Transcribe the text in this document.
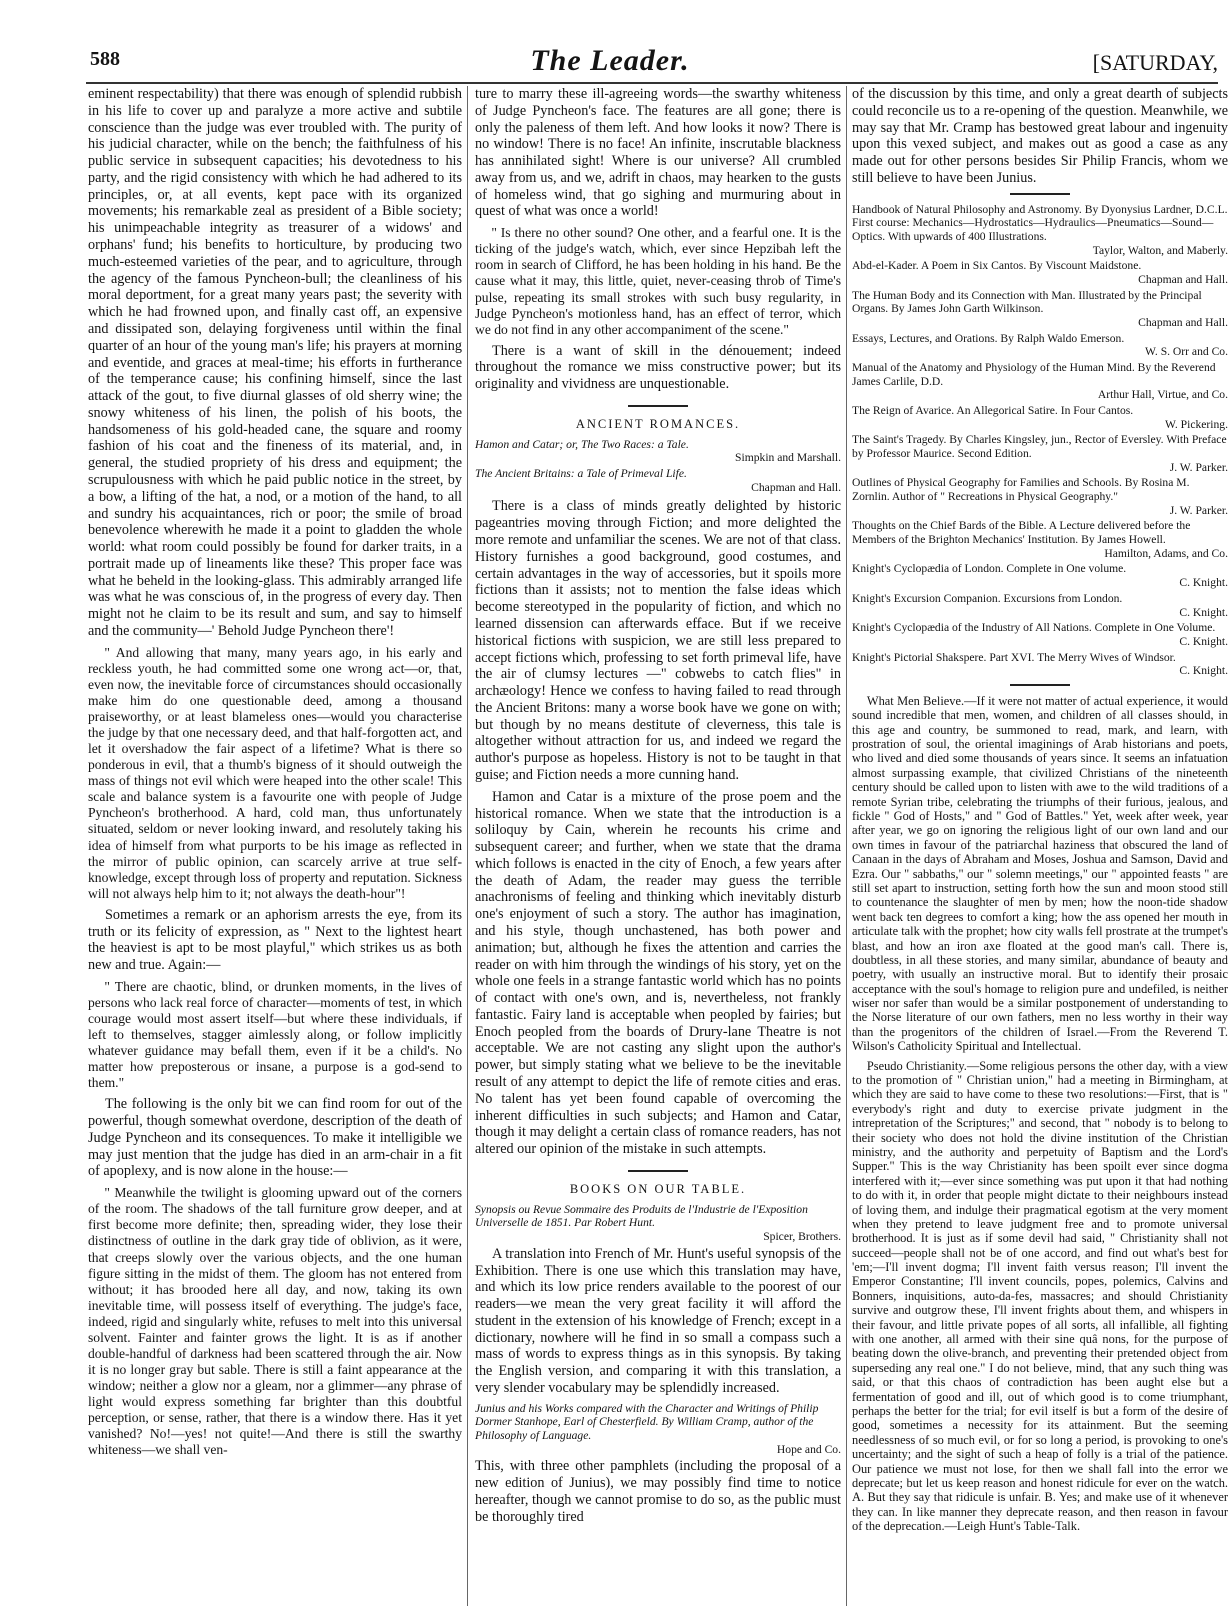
588	The Leader.	[SATURDAY,

eminent respectability) that there was enough of splendid rubbish in his life to cover up and paralyze a more active and subtile conscience than the judge was ever troubled with. The purity of his judicial character, while on the bench; the faithfulness of his public service in subsequent capacities; his devotedness to his party, and the rigid consistency with which he had adhered to its principles, or, at all events, kept pace with its organized movements; his remarkable zeal as president of a Bible society; his unimpeachable integrity as treasurer of a widows' and orphans' fund; his benefits to horticulture, by producing two much-esteemed varieties of the pear, and to agriculture, through the agency of the famous Pyncheon-bull; the cleanliness of his moral deportment, for a great many years past; the severity with which he had frowned upon, and finally cast off, an expensive and dissipated son, delaying forgiveness until within the final quarter of an hour of the young man's life; his prayers at morning and eventide, and graces at meal-time; his efforts in furtherance of the temperance cause; his confining himself, since the last attack of the gout, to five diurnal glasses of old sherry wine; the snowy whiteness of his linen, the polish of his boots, the handsomeness of his gold-headed cane, the square and roomy fashion of his coat and the fineness of its material, and, in general, the studied propriety of his dress and equipment; the scrupulousness with which he paid public notice in the street, by a bow, a lifting of the hat, a nod, or a motion of the hand, to all and sundry his acquaintances, rich or poor; the smile of broad benevolence wherewith he made it a point to gladden the whole world: what room could possibly be found for darker traits, in a portrait made up of lineaments like these? This proper face was what he beheld in the looking-glass. This admirably arranged life was what he was conscious of, in the progress of every day. Then might not he claim to be its result and sum, and say to himself and the community—' Behold Judge Pyncheon there'!

" And allowing that many, many years ago, in his early and reckless youth, he had committed some one wrong act—or, that, even now, the inevitable force of circumstances should occasionally make him do one questionable deed, among a thousand praiseworthy, or at least blameless ones—would you characterise the judge by that one necessary deed, and that half-forgotten act, and let it overshadow the fair aspect of a lifetime? What is there so ponderous in evil, that a thumb's bigness of it should outweigh the mass of things not evil which were heaped into the other scale! This scale and balance system is a favourite one with people of Judge Pyncheon's brotherhood. A hard, cold man, thus unfortunately situated, seldom or never looking inward, and resolutely taking his idea of himself from what purports to be his image as reflected in the mirror of public opinion, can scarcely arrive at true self-knowledge, except through loss of property and reputation. Sickness will not always help him to it; not always the death-hour"!

Sometimes a remark or an aphorism arrests the eye, from its truth or its felicity of expression, as " Next to the lightest heart the heaviest is apt to be most playful," which strikes us as both new and true. Again:—

" There are chaotic, blind, or drunken moments, in the lives of persons who lack real force of character—moments of test, in which courage would most assert itself—but where these individuals, if left to themselves, stagger aimlessly along, or follow implicitly whatever guidance may befall them, even if it be a child's. No matter how preposterous or insane, a purpose is a god-send to them."

The following is the only bit we can find room for out of the powerful, though somewhat overdone, description of the death of Judge Pyncheon and its consequences. To make it intelligible we may just mention that the judge has died in an arm-chair in a fit of apoplexy, and is now alone in the house:—

" Meanwhile the twilight is glooming upward out of the corners of the room. The shadows of the tall furniture grow deeper, and at first become more definite; then, spreading wider, they lose their distinctness of outline in the dark gray tide of oblivion, as it were, that creeps slowly over the various objects, and the one human figure sitting in the midst of them. The gloom has not entered from without; it has brooded here all day, and now, taking its own inevitable time, will possess itself of everything. The judge's face, indeed, rigid and singularly white, refuses to melt into this universal solvent. Fainter and fainter grows the light. It is as if another double-handful of darkness had been scattered through the air. Now it is no longer gray but sable. There is still a faint appearance at the window; neither a glow nor a gleam, nor a glimmer—any phrase of light would express something far brighter than this doubtful perception, or sense, rather, that there is a window there. Has it yet vanished? No!—yes! not quite!—And there is still the swarthy whiteness—we shall ven-

ture to marry these ill-agreeing words—the swarthy whiteness of Judge Pyncheon's face. The features are all gone; there is only the paleness of them left. And how looks it now? There is no window! There is no face! An infinite, inscrutable blackness has annihilated sight! Where is our universe? All crumbled away from us, and we, adrift in chaos, may hearken to the gusts of homeless wind, that go sighing and murmuring about in quest of what was once a world!

" Is there no other sound? One other, and a fearful one. It is the ticking of the judge's watch, which, ever since Hepzibah left the room in search of Clifford, he has been holding in his hand. Be the cause what it may, this little, quiet, never-ceasing throb of Time's pulse, repeating its small strokes with such busy regularity, in Judge Pyncheon's motionless hand, has an effect of terror, which we do not find in any other accompaniment of the scene."

There is a want of skill in the dénouement; indeed throughout the romance we miss constructive power; but its originality and vividness are unquestionable.

ANCIENT ROMANCES.
Hamon and Catar; or, The Two Races: a Tale.
Simpkin and Marshall.
The Ancient Britains: a Tale of Primeval Life.
Chapman and Hall.

There is a class of minds greatly delighted by historic pageantries moving through Fiction; and more delighted the more remote and unfamiliar the scenes. We are not of that class. History furnishes a good background, good costumes, and certain advantages in the way of accessories, but it spoils more fictions than it assists; not to mention the false ideas which become stereotyped in the popularity of fiction, and which no learned dissension can afterwards efface. But if we receive historical fictions with suspicion, we are still less prepared to accept fictions which, professing to set forth primeval life, have the air of clumsy lectures —" cobwebs to catch flies" in archæology! Hence we confess to having failed to read through the Ancient Britons: many a worse book have we gone on with; but though by no means destitute of cleverness, this tale is altogether without attraction for us, and indeed we regard the author's purpose as hopeless. History is not to be taught in that guise; and Fiction needs a more cunning hand.

Hamon and Catar is a mixture of the prose poem and the historical romance. When we state that the introduction is a soliloquy by Cain, wherein he recounts his crime and subsequent career; and further, when we state that the drama which follows is enacted in the city of Enoch, a few years after the death of Adam, the reader may guess the terrible anachronisms of feeling and thinking which inevitably disturb one's enjoyment of such a story. The author has imagination, and his style, though unchastened, has both power and animation; but, although he fixes the attention and carries the reader on with him through the windings of his story, yet on the whole one feels in a strange fantastic world which has no points of contact with one's own, and is, nevertheless, not frankly fantastic. Fairy land is acceptable when peopled by fairies; but Enoch peopled from the boards of Drury-lane Theatre is not acceptable. We are not casting any slight upon the author's power, but simply stating what we believe to be the inevitable result of any attempt to depict the life of remote cities and eras. No talent has yet been found capable of overcoming the inherent difficulties in such subjects; and Hamon and Catar, though it may delight a certain class of romance readers, has not altered our opinion of the mistake in such attempts.

BOOKS ON OUR TABLE.
Synopsis ou Revue Sommaire des Produits de l'Industrie de l'Exposition Universelle de 1851. Par Robert Hunt.
Spicer, Brothers.

A translation into French of Mr. Hunt's useful synopsis of the Exhibition. There is one use which this translation may have, and which its low price renders available to the poorest of our readers—we mean the very great facility it will afford the student in the extension of his knowledge of French; except in a dictionary, nowhere will he find in so small a compass such a mass of words to express things as in this synopsis. By taking the English version, and comparing it with this translation, a very slender vocabulary may be splendidly increased.

Junius and his Works compared with the Character and Writings of Philip Dormer Stanhope, Earl of Chesterfield. By William Cramp, author of the Philosophy of Language.
Hope and Co.

This, with three other pamphlets (including the proposal of a new edition of Junius), we may possibly find time to notice hereafter, though we cannot promise to do so, as the public must be thoroughly tired

of the discussion by this time, and only a great dearth of subjects could reconcile us to a re-opening of the question. Meanwhile, we may say that Mr. Cramp has bestowed great labour and ingenuity upon this vexed subject, and makes out as good a case as any made out for other persons besides Sir Philip Francis, whom we still believe to have been Junius.

Handbook of Natural Philosophy and Astronomy. By Dyonysius Lardner, D.C.L. First course: Mechanics—Hydrostatics—Hydraulics—Pneumatics—Sound—Optics. With upwards of 400 Illustrations.
Taylor, Walton, and Maberly.
Abd-el-Kader. A Poem in Six Cantos. By Viscount Maidstone.
Chapman and Hall.
The Human Body and its Connection with Man. Illustrated by the Principal Organs. By James John Garth Wilkinson.
Chapman and Hall.
Essays, Lectures, and Orations. By Ralph Waldo Emerson.
W. S. Orr and Co.
Manual of the Anatomy and Physiology of the Human Mind. By the Reverend James Carlile, D.D.
Arthur Hall, Virtue, and Co.
The Reign of Avarice. An Allegorical Satire. In Four Cantos.
W. Pickering.
The Saint's Tragedy. By Charles Kingsley, jun., Rector of Eversley. With Preface by Professor Maurice. Second Edition.
J. W. Parker.
Outlines of Physical Geography for Families and Schools. By Rosina M. Zornlin. Author of " Recreations in Physical Geography."
J. W. Parker.
Thoughts on the Chief Bards of the Bible. A Lecture delivered before the Members of the Brighton Mechanics' Institution. By James Howell.
Hamilton, Adams, and Co.
Knight's Cyclopædia of London. Complete in One volume.
C. Knight.
Knight's Excursion Companion. Excursions from London.
C. Knight.
Knight's Cyclopædia of the Industry of All Nations. Complete in One Volume.
C. Knight.
Knight's Pictorial Shakspere. Part XVI. The Merry Wives of Windsor.
C. Knight.

What Men Believe.—If it were not matter of actual experience, it would sound incredible that men, women, and children of all classes should, in this age and country, be summoned to read, mark, and learn, with prostration of soul, the oriental imaginings of Arab historians and poets, who lived and died some thousands of years since. It seems an infatuation almost surpassing example, that civilized Christians of the nineteenth century should be called upon to listen with awe to the wild traditions of a remote Syrian tribe, celebrating the triumphs of their furious, jealous, and fickle " God of Hosts," and " God of Battles." Yet, week after week, year after year, we go on ignoring the religious light of our own land and our own times in favour of the patriarchal haziness that obscured the land of Canaan in the days of Abraham and Moses, Joshua and Samson, David and Ezra. Our " sabbaths," our " solemn meetings," our " appointed feasts " are still set apart to instruction, setting forth how the sun and moon stood still to countenance the slaughter of men by men; how the noon-tide shadow went back ten degrees to comfort a king; how the ass opened her mouth in articulate talk with the prophet; how city walls fell prostrate at the trumpet's blast, and how an iron axe floated at the good man's call. There is, doubtless, in all these stories, and many similar, abundance of beauty and poetry, with usually an instructive moral. But to identify their prosaic acceptance with the soul's homage to religion pure and undefiled, is neither wiser nor safer than would be a similar postponement of understanding to the Norse literature of our own fathers, men no less worthy in their way than the progenitors of the children of Israel.—From the Reverend T. Wilson's Catholicity Spiritual and Intellectual.

Pseudo Christianity.—Some religious persons the other day, with a view to the promotion of " Christian union," had a meeting in Birmingham, at which they are said to have come to these two resolutions:—First, that is " everybody's right and duty to exercise private judgment in the intrepretation of the Scriptures;" and second, that " nobody is to belong to their society who does not hold the divine institution of the Christian ministry, and the authority and perpetuity of Baptism and the Lord's Supper." This is the way Christianity has been spoilt ever since dogma interfered with it;—ever since something was put upon it that had nothing to do with it, in order that people might dictate to their neighbours instead of loving them, and indulge their pragmatical egotism at the very moment when they pretend to leave judgment free and to promote universal brotherhood. It is just as if some devil had said, " Christianity shall not succeed—people shall not be of one accord, and find out what's best for 'em;—I'll invent dogma; I'll invent faith versus reason; I'll invent the Emperor Constantine; I'll invent councils, popes, polemics, Calvins and Bonners, inquisitions, auto-da-fes, massacres; and should Christianity survive and outgrow these, I'll invent frights about them, and whispers in their favour, and little private popes of all sorts, all infallible, all fighting with one another, all armed with their sine quâ nons, for the purpose of beating down the olive-branch, and preventing their pretended object from superseding any real one." I do not believe, mind, that any such thing was said, or that this chaos of contradiction has been aught else but a fermentation of good and ill, out of which good is to come triumphant, perhaps the better for the trial; for evil itself is but a form of the desire of good, sometimes a necessity for its attainment. But the seeming needlessness of so much evil, or for so long a period, is provoking to one's uncertainty; and the sight of such a heap of folly is a trial of the patience. Our patience we must not lose, for then we shall fall into the error we deprecate; but let us keep reason and honest ridicule for ever on the watch. A. But they say that ridicule is unfair. B. Yes; and make use of it whenever they can. In like manner they deprecate reason, and then reason in favour of the deprecation.—Leigh Hunt's Table-Talk.
